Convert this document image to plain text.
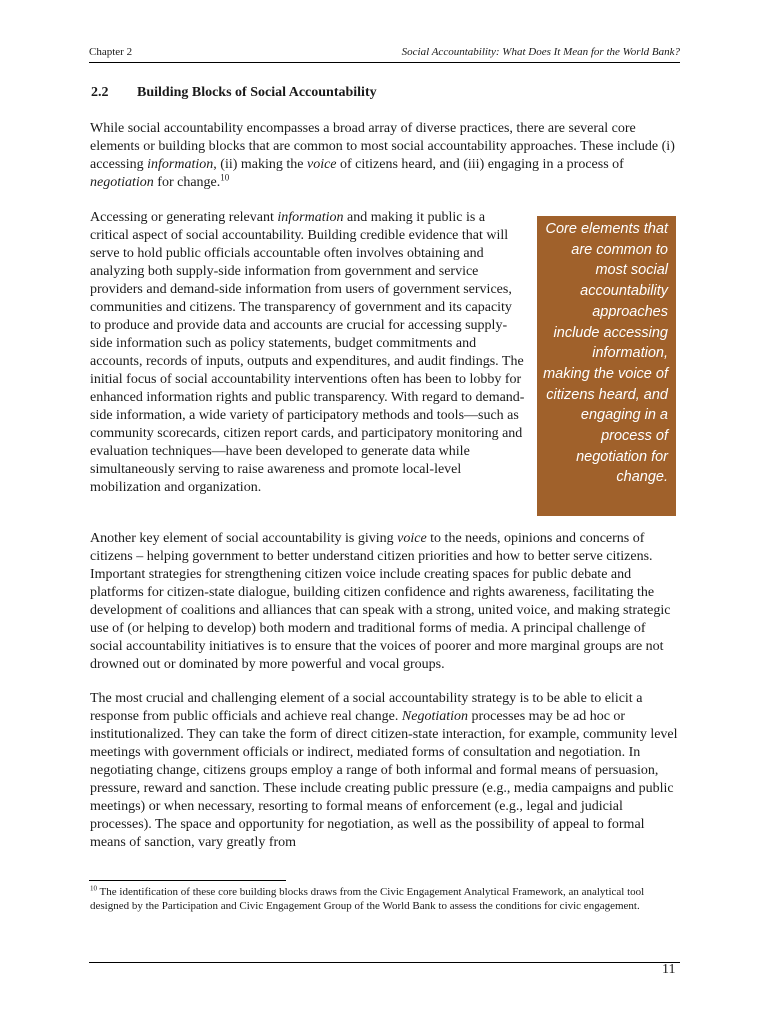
Chapter 2	Social Accountability: What Does It Mean for the World Bank?
2.2 Building Blocks of Social Accountability

While social accountability encompasses a broad array of diverse practices, there are several core elements or building blocks that are common to most social accountability approaches. These include (i) accessing information, (ii) making the voice of citizens heard, and (iii) engaging in a process of negotiation for change.$^{10}$

Accessing or generating relevant information and making it public is a critical aspect of social accountability. Building credible evidence that will serve to hold public officials accountable often involves obtaining and analyzing both supply-side information from government and service providers and demand-side information from users of government services, communities and citizens. The transparency of government and its capacity to produce and provide data and accounts are crucial for accessing supply-side information such as policy statements, budget commitments and accounts, records of inputs, outputs and expenditures, and audit findings. The initial focus of social accountability interventions often has been to lobby for enhanced information rights and public transparency. With regard to demand-side information, a wide variety of participatory methods and tools—such as community scorecards, citizen report cards, and participatory monitoring and evaluation techniques—have been developed to generate data while simultaneously serving to raise awareness and promote local-level mobilization and organization.

Core elements that are common to most social accountability approaches include accessing information, making the voice of citizens heard, and engaging in a process of negotiation for change.

Another key element of social accountability is giving voice to the needs, opinions and concerns of citizens – helping government to better understand citizen priorities and how to better serve citizens. Important strategies for strengthening citizen voice include creating spaces for public debate and platforms for citizen-state dialogue, building citizen confidence and rights awareness, facilitating the development of coalitions and alliances that can speak with a strong, united voice, and making strategic use of (or helping to develop) both modern and traditional forms of media. A principal challenge of social accountability initiatives is to ensure that the voices of poorer and more marginal groups are not drowned out or dominated by more powerful and vocal groups.

The most crucial and challenging element of a social accountability strategy is to be able to elicit a response from public officials and achieve real change. Negotiation processes may be ad hoc or institutionalized. They can take the form of direct citizen-state interaction, for example, community level meetings with government officials or indirect, mediated forms of consultation and negotiation. In negotiating change, citizens groups employ a range of both informal and formal means of persuasion, pressure, reward and sanction. These include creating public pressure (e.g., media campaigns and public meetings) or when necessary, resorting to formal means of enforcement (e.g., legal and judicial processes). The space and opportunity for negotiation, as well as the possibility of appeal to formal means of sanction, vary greatly from

$^{10}$ The identification of these core building blocks draws from the Civic Engagement Analytical Framework, an analytical tool designed by the Participation and Civic Engagement Group of the World Bank to assess the conditions for civic engagement.

11
